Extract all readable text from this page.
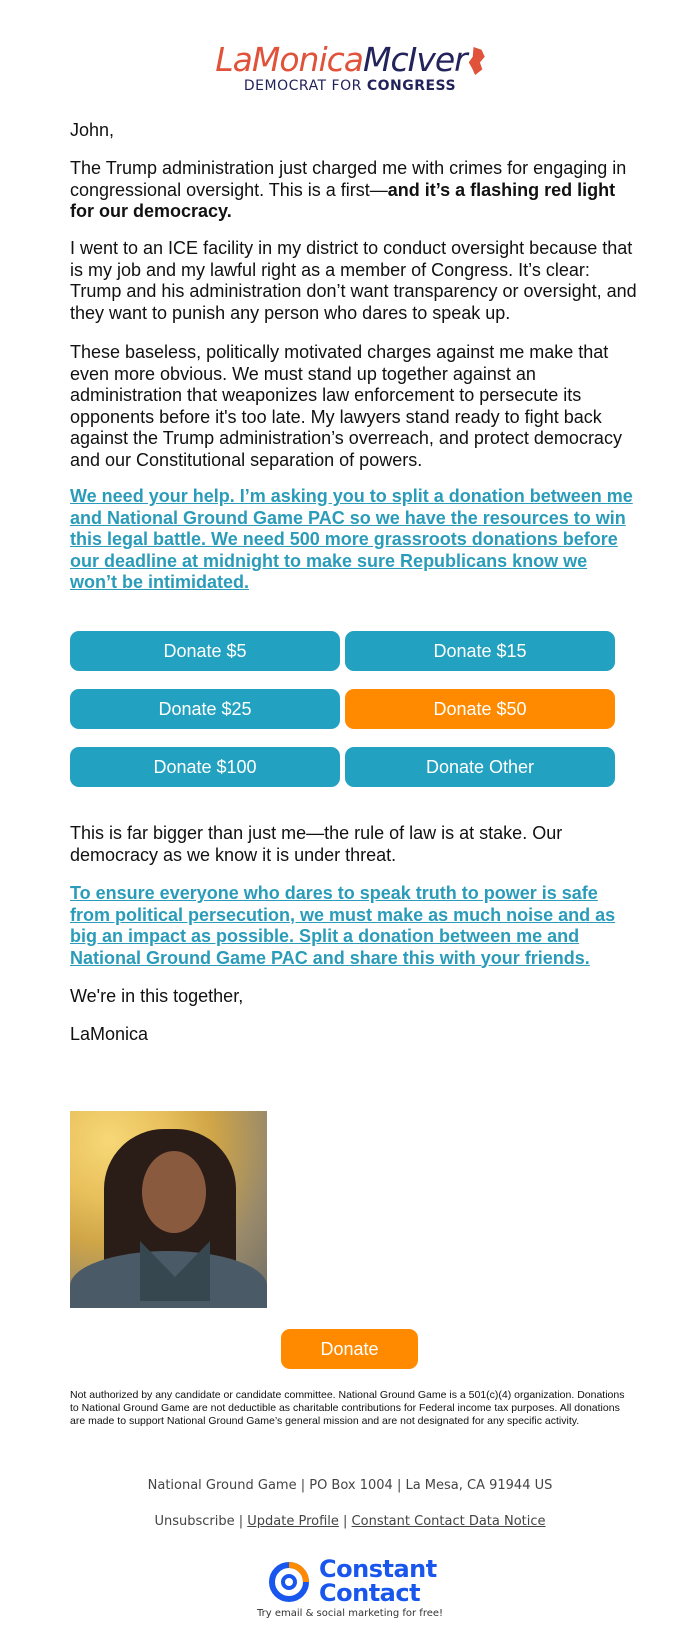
LaMonicaMcIver
DEMOCRAT FOR CONGRESS

John,

The Trump administration just charged me with crimes for engaging in congressional oversight. This is a first—and it’s a flashing red light for our democracy.

I went to an ICE facility in my district to conduct oversight because that is my job and my lawful right as a member of Congress. It’s clear: Trump and his administration don’t want transparency or oversight, and they want to punish any person who dares to speak up.

These baseless, politically motivated charges against me make that even more obvious. We must stand up together against an administration that weaponizes law enforcement to persecute its opponents before it's too late. My lawyers stand ready to fight back against the Trump administration’s overreach, and protect democracy and our Constitutional separation of powers.

We need your help. I’m asking you to split a donation between me and National Ground Game PAC so we have the resources to win this legal battle. We need 500 more grassroots donations before our deadline at midnight to make sure Republicans know we won’t be intimidated.

Donate $5	Donate $15
Donate $25	Donate $50
Donate $100	Donate Other

This is far bigger than just me—the rule of law is at stake. Our democracy as we know it is under threat.

To ensure everyone who dares to speak truth to power is safe from political persecution, we must make as much noise and as big an impact as possible. Split a donation between me and National Ground Game PAC and share this with your friends.

We're in this together,

LaMonica

Donate
Not authorized by any candidate or candidate committee. National Ground Game is a 501(c)(4) organization. Donations to National Ground Game are not deductible as charitable contributions for Federal income tax purposes. All donations are made to support National Ground Game’s general mission and are not designated for any specific activity.
National Ground Game | PO Box 1004 | La Mesa, CA 91944 US
Unsubscribe | Update Profile | Constant Contact Data Notice
Constant
Contact
Try email & social marketing for free!
